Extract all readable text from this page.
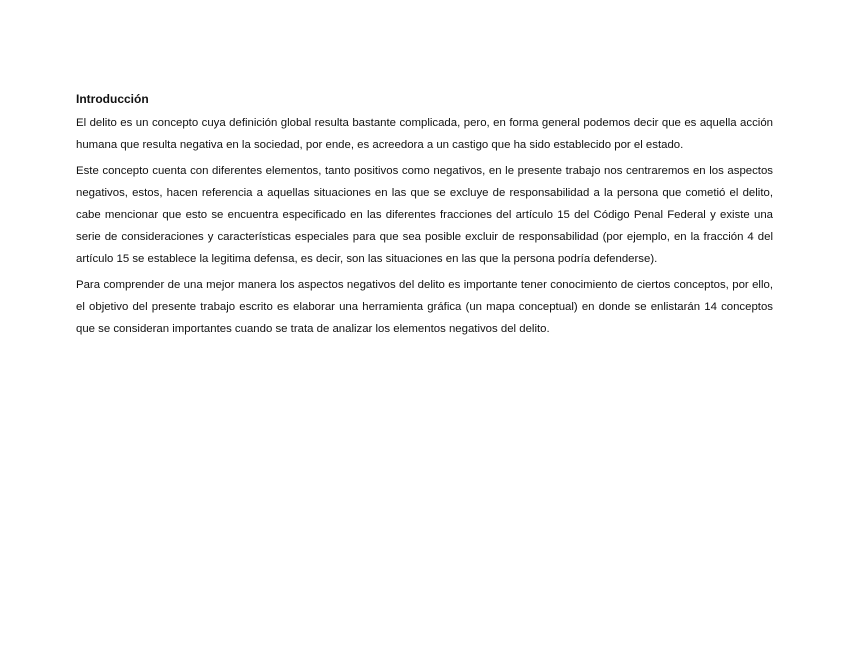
Introducción

El delito es un concepto cuya definición global resulta bastante complicada, pero, en forma general podemos decir que es aquella acción humana que resulta negativa en la sociedad, por ende, es acreedora a un castigo que ha sido establecido por el estado.

Este concepto cuenta con diferentes elementos, tanto positivos como negativos, en le presente trabajo nos centraremos en los aspectos negativos, estos, hacen referencia a aquellas situaciones en las que se excluye de responsabilidad a la persona que cometió el delito, cabe mencionar que esto se encuentra especificado en las diferentes fracciones del artículo 15 del Código Penal Federal y existe una serie de consideraciones y características especiales para que sea posible excluir de responsabilidad (por ejemplo, en la fracción 4 del artículo 15 se establece la legitima defensa, es decir, son las situaciones en las que la persona podría defenderse).

Para comprender de una mejor manera los aspectos negativos del delito es importante tener conocimiento de ciertos conceptos, por ello, el objetivo del presente trabajo escrito es elaborar una herramienta gráfica (un mapa conceptual) en donde se enlistarán 14 conceptos que se consideran importantes cuando se trata de analizar los elementos negativos del delito.
